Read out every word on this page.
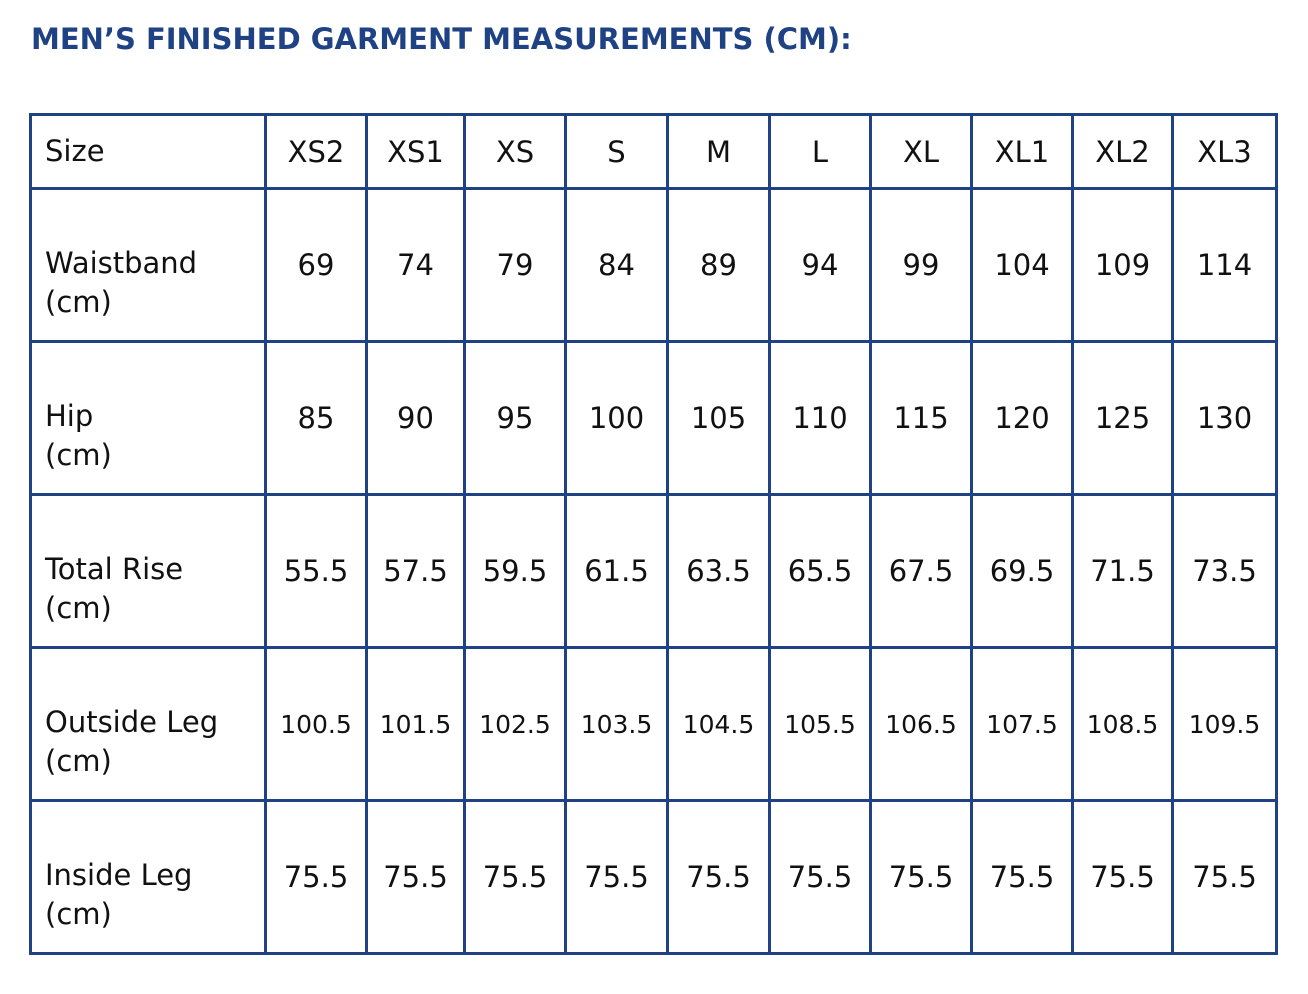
MEN’S FINISHED GARMENT MEASUREMENTS (CM):
Size	XS2	XS1	XS	S	M	L	XL	XL1	XL2	XL3

Waistband
(cm)	69	74	79	84	89	94	99	104	109	114

Hip
(cm)	85	90	95	100	105	110	115	120	125	130

Total Rise
(cm)	55.5	57.5	59.5	61.5	63.5	65.5	67.5	69.5	71.5	73.5

Outside Leg
(cm)	100.5	101.5	102.5	103.5	104.5	105.5	106.5	107.5	108.5	109.5

Inside Leg
(cm)	75.5	75.5	75.5	75.5	75.5	75.5	75.5	75.5	75.5	75.5
